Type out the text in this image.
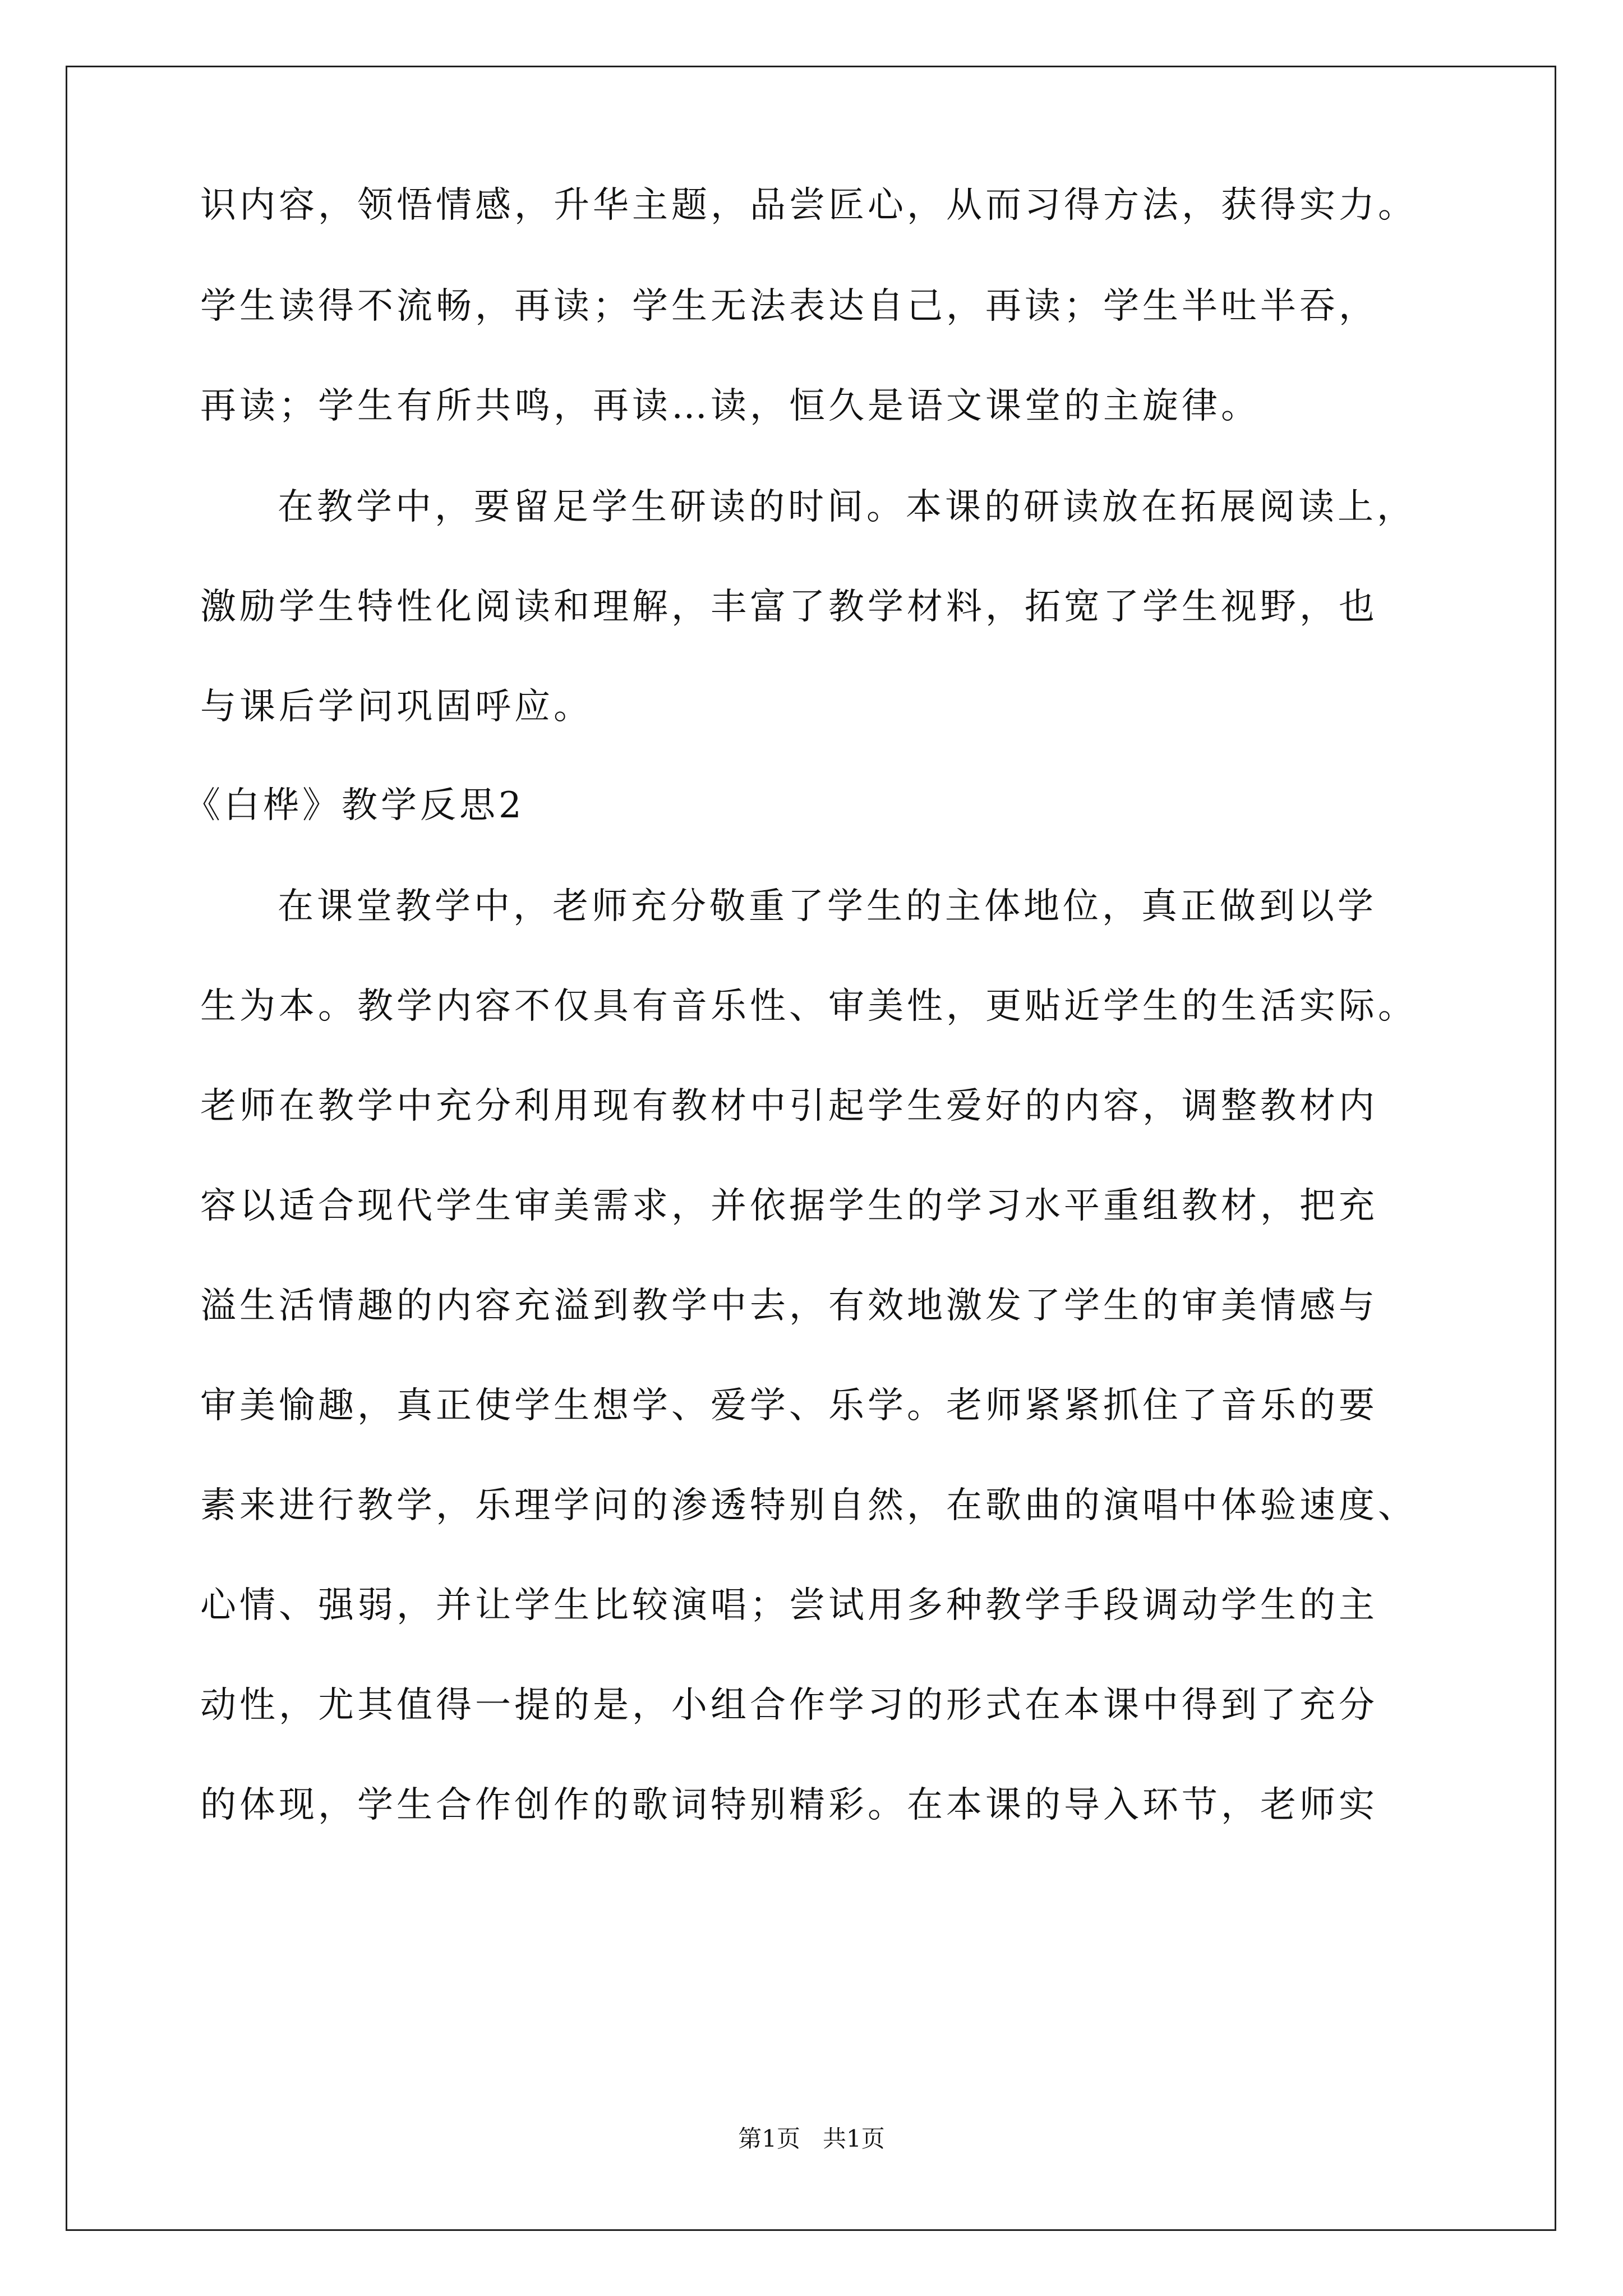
识内容，领悟情感，升华主题，品尝匠心，从而习得方法，获得实力。
学生读得不流畅，再读；学生无法表达自己，再读；学生半吐半吞，
再读；学生有所共鸣，再读…读，恒久是语文课堂的主旋律。
在教学中，要留足学生研读的时间。本课的研读放在拓展阅读上，
激励学生特性化阅读和理解，丰富了教学材料，拓宽了学生视野，也
与课后学问巩固呼应。
《白桦》教学反思2
在课堂教学中，老师充分敬重了学生的主体地位，真正做到以学
生为本。教学内容不仅具有音乐性、审美性，更贴近学生的生活实际。
老师在教学中充分利用现有教材中引起学生爱好的内容，调整教材内
容以适合现代学生审美需求，并依据学生的学习水平重组教材，把充
溢生活情趣的内容充溢到教学中去，有效地激发了学生的审美情感与
审美愉趣，真正使学生想学、爱学、乐学。老师紧紧抓住了音乐的要
素来进行教学，乐理学问的渗透特别自然，在歌曲的演唱中体验速度、
心情、强弱，并让学生比较演唱；尝试用多种教学手段调动学生的主
动性，尤其值得一提的是，小组合作学习的形式在本课中得到了充分
的体现，学生合作创作的歌词特别精彩。在本课的导入环节，老师实
第1页   共1页
